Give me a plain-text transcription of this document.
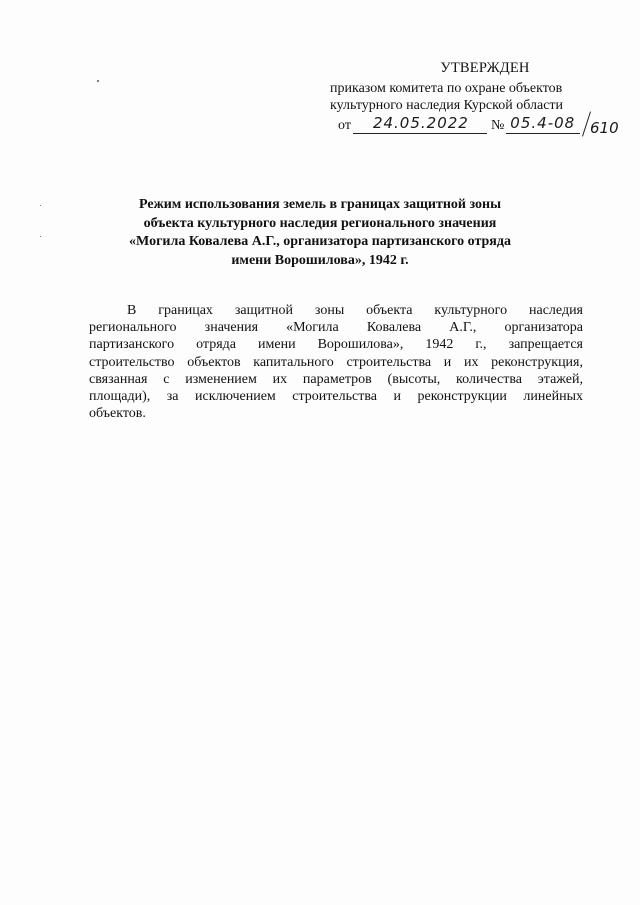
УТВЕРЖДЕН
приказом комитета по охране объектов
культурного наследия Курской области
от 24.05.2022 № 05.4-08 610
Режим использования земель в границах защитной зоны
объекта культурного наследия регионального значения
«Могила Ковалева А.Г., организатора партизанского отряда
имени Ворошилова», 1942 г.
В границах защитной зоны объекта культурного наследия
регионального значения «Могила Ковалева А.Г., организатора
партизанского отряда имени Ворошилова», 1942 г., запрещается
строительство объектов капитального строительства и их реконструкция,
связанная с изменением их параметров (высоты, количества этажей,
площади), за исключением строительства и реконструкции линейных
объектов.
